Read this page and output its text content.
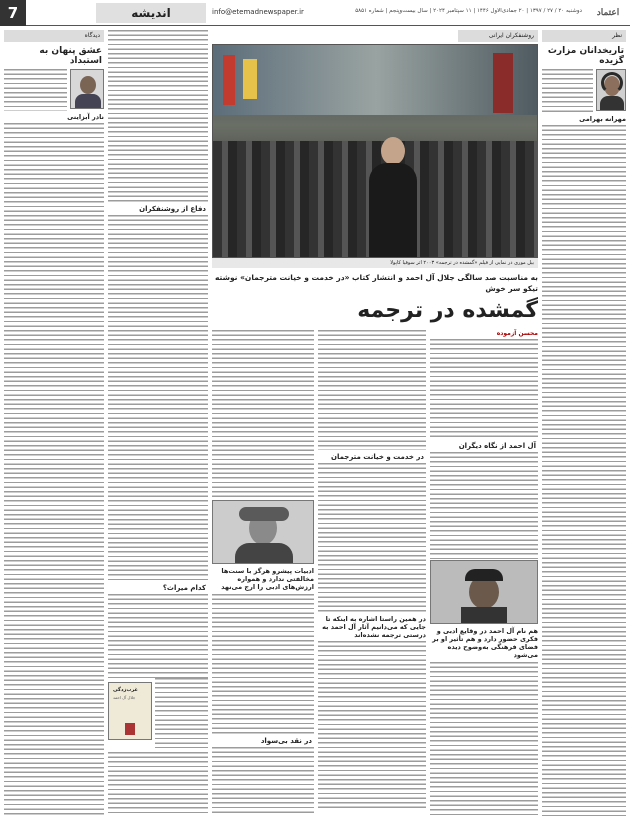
7	اندیشه	info@etemadnewspaper.ir	دوشنبه ۲۰ / ۲۷ / ۱۳۹۷ | ۲۰ جمادی‌الاول ۱۴۴۶ | ۱۱ سپتامبر ۲۰۲۴ | سال بیست‌وپنجم | شماره ۵۸۵۱	اعتماد
دیدگاه
عشق پنهان به استبداد
نادر آبزاینی
دفاع از روشنفکران
کدام میراث؟
غرب‌زدگی
جلال آل احمد
روشنفکران ایرانی
بیل موری در نمایی از فیلم «گمشده در ترجمه» ۲۰۰۳ اثر سوفیا کاپولا
به مناسبت صد سالگی جلال آل احمد و انتشار کتاب «در خدمت و خیانت مترجمان» نوشته تیکو سر خوش
گمشده در ترجمه
ادبیات پیشرو هرگز با سنت‌ها مخالفتی ندارد و همواره ارزش‌های ادبی را ارج می‌نهد
در نقد بی‌سواد
در خدمت و خیانت مترجمان
در همین راستا اشاره به اینکه تا جایی که می‌دانیم آثار آل احمد به درستی ترجمه نشده‌اند
محسن آزموده
آل احمد از نگاه دیگران
هم نام آل احمد در وقایع ادبی و فکری حضور دارد و هم تأثیر او بر فضای فرهنگی به‌وضوح دیده می‌شود
نظر
تاریخدانان مزارث گزیده
مهرانه بهرامی
